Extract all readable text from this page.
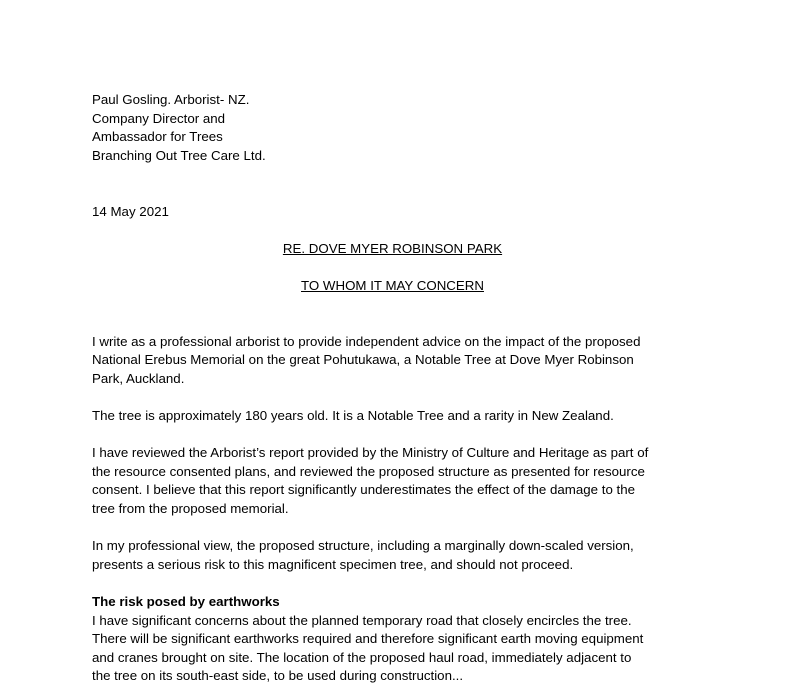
Paul Gosling. Arborist- NZ.
Company Director and
Ambassador for Trees
Branching Out Tree Care Ltd.
14 May 2021
RE. DOVE MYER ROBINSON PARK
TO WHOM IT MAY CONCERN
I write as a professional arborist to provide independent advice on the impact of the proposed
National Erebus Memorial on the great Pohutukawa, a Notable Tree at Dove Myer Robinson
Park, Auckland.
The tree is approximately 180 years old. It is a Notable Tree and a rarity in New Zealand.
I have reviewed the Arborist’s report provided by the Ministry of Culture and Heritage as part of
the resource consented plans, and reviewed the proposed structure as presented for resource
consent. I believe that this report significantly underestimates the effect of the damage to the
tree from the proposed memorial.
In my professional view, the proposed structure, including a marginally down-scaled version,
presents a serious risk to this magnificent specimen tree, and should not proceed.
The risk posed by earthworks
I have significant concerns about the planned temporary road that closely encircles the tree.
There will be significant earthworks required and therefore significant earth moving equipment
and cranes brought on site. The location of the proposed haul road, immediately adjacent to
the tree on its south-east side, to be used during construction...
